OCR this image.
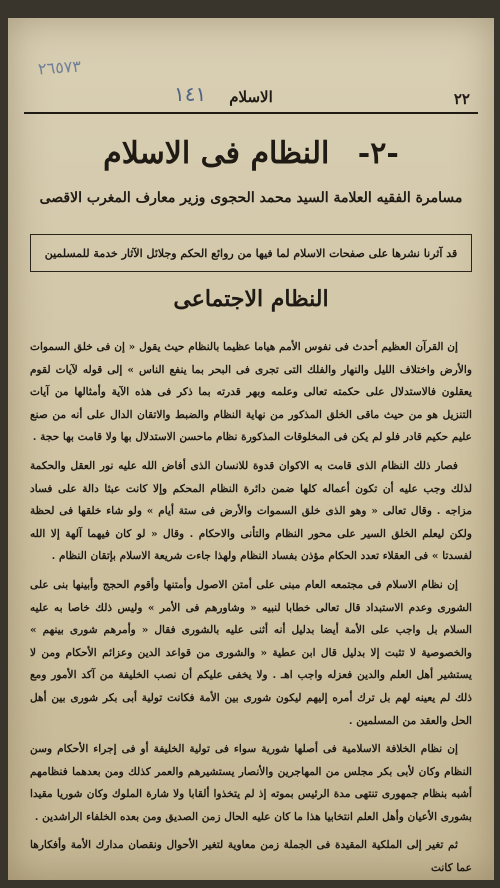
٢٦٥٧٣
٢٢
الاسلام
١٤١
-٢- النظام فى الاسلام
مسامرة الفقيه العلامة السيد محمد الحجوى وزير معارف المغرب الاقصى
قد آثرنا نشرها على صفحات الاسلام لما فيها من روائع الحكم وجلائل الآثار خدمة للمسلمين
النظام الاجتماعى

إن القرآن العظيم أحدث فى نفوس الأمم هياما عظيما بالنظام حيث يقول « إن فى خلق السموات والأرض واختلاف الليل والنهار والفلك التى تجرى فى البحر بما ينفع الناس » إلى قوله لآيات لقوم يعقلون فالاستدلال على حكمته تعالى وعلمه وبهر قدرته بما ذكر فى هذه الآية وأمثالها من آيات التنزيل هو من حيث ماقى الخلق المذكور من نهاية النظام والضبط والاتقان الدال على أنه من صنع عليم حكيم قادر فلو لم يكن فى المخلوقات المذكورة نظام ماحسن الاستدلال بها ولا قامت بها حجة .

فصار ذلك النظام الذى قامت به الاكوان قدوة للانسان الذى أفاض الله عليه نور العقل والحكمة لذلك وجب عليه أن تكون أعماله كلها ضمن دائرة النظام المحكم وإلا كانت عبثا دالة على فساد مزاجه . وقال تعالى « وهو الذى خلق السموات والأرض فى ستة أيام » ولو شاء خلقها فى لحظة ولكن ليعلم الخلق السير على محور النظام والتأنى والاحكام . وقال « لو كان فيهما آلهة إلا الله لفسدتا » فى العقلاء تعدد الحكام مؤذن بفساد النظام ولهذا جاءت شريعة الاسلام بإتقان النظام .

إن نظام الاسلام فى مجتمعه العام مبنى على أمتن الاصول وأمتنها وأقوم الحجج وأبينها بنى على الشورى وعدم الاستبداد قال تعالى خطابا لنبيه « وشاورهم فى الأمر » وليس ذلك خاصا به عليه السلام بل واجب على الأمة أيضا بدليل أنه أثنى عليه بالشورى فقال « وأمرهم شورى بينهم » والخصوصية لا تثبت إلا بدليل قال ابن عطية « والشورى من قواعد الدين وعزائم الأحكام ومن لا يستشير أهل العلم والدين فعزله واجب اهـ . ولا يخفى عليكم أن نصب الخليفة من آكد الأمور ومع ذلك لم يعينه لهم بل ترك أمره إليهم ليكون شورى بين الأمة فكانت تولية أبى بكر شورى بين أهل الحل والعقد من المسلمين .

إن نظام الخلافة الاسلامية فى أصلها شورية سواء فى تولية الخليفة أو فى إجراء الأحكام وسن النظام وكان لأبى بكر مجلس من المهاجرين والأنصار يستشيرهم والعمر كذلك ومن بعدهما فنظامهم أشبه بنظام جمهورى تنتهى مدة الرئيس بموته إذ لم يتخذوا ألقابا ولا شارة الملوك وكان شوريا مقيدا بشورى الأعيان وأهل العلم انتخابيا هذا ما كان عليه الحال زمن الصديق ومن بعده الخلفاء الراشدين .

ثم تغير إلى الملكية المقيدة فى الجملة زمن معاوية لتغير الأحوال ونقصان مدارك الأمة وأفكارها عما كانت
